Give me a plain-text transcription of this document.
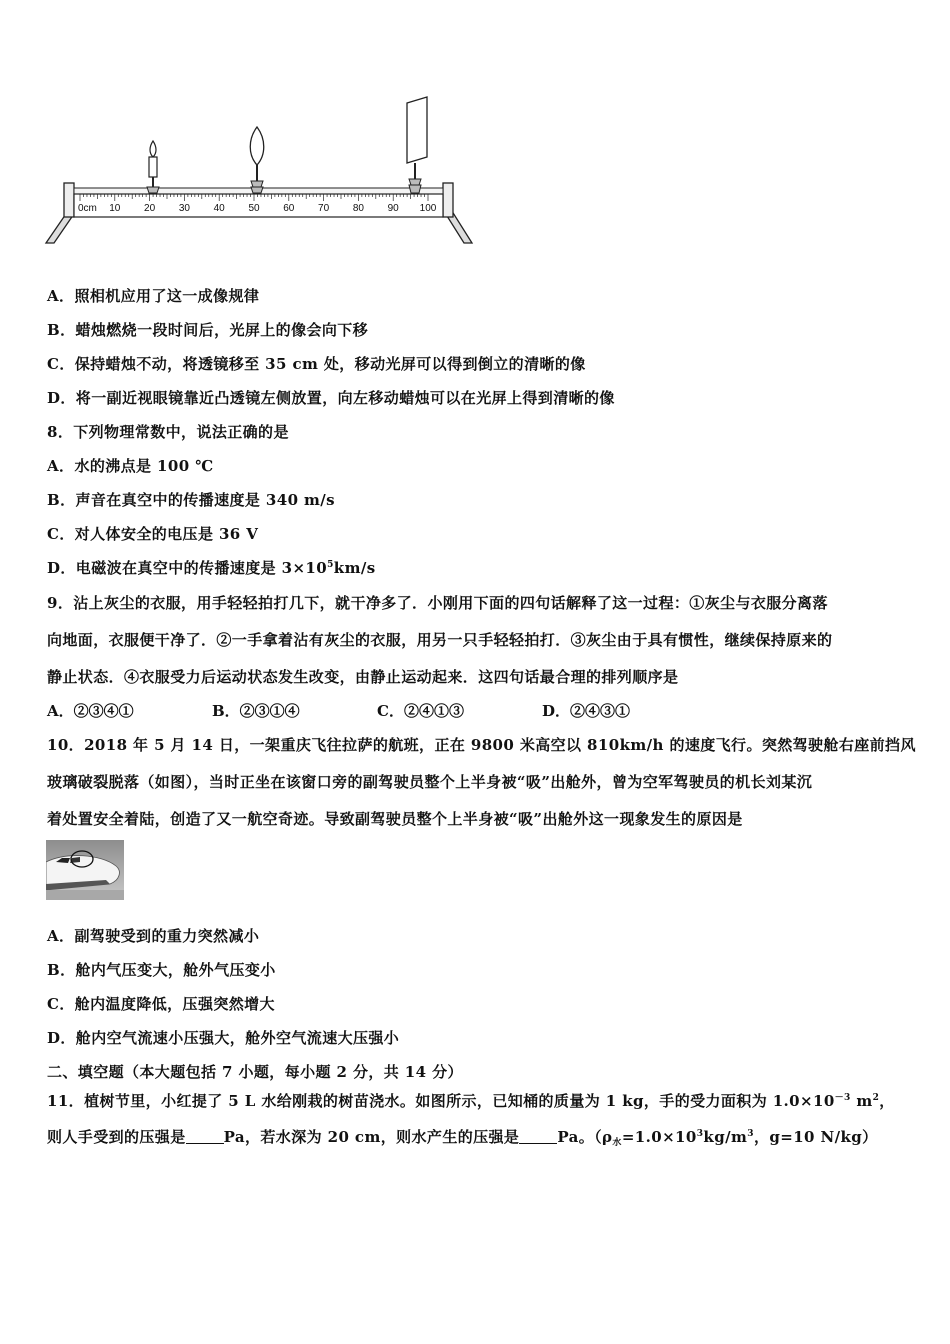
0cm 10 20 30 40 50 60 70 80 90 100
A．照相机应用了这一成像规律
B．蜡烛燃烧一段时间后，光屏上的像会向下移
C．保持蜡烛不动，将透镜移至 35 cm 处，移动光屏可以得到倒立的清晰的像
D．将一副近视眼镜靠近凸透镜左侧放置，向左移动蜡烛可以在光屏上得到清晰的像
8．下列物理常数中，说法正确的是
A．水的沸点是 100 ℃
B．声音在真空中的传播速度是 340 m/s
C．对人体安全的电压是 36 V
D．电磁波在真空中的传播速度是 $3\times 10^5km/s$
9．沾上灰尘的衣服，用手轻轻拍打几下，就干净多了．小刚用下面的四句话解释了这一过程：①灰尘与衣服分离落
向地面，衣服便干净了．②一手拿着沾有灰尘的衣服，用另一只手轻轻拍打．③灰尘由于具有惯性，继续保持原来的
静止状态．④衣服受力后运动状态发生改变，由静止运动起来．这四句话最合理的排列顺序是
A．②③④①	B．②③①④	C．②④①③	D．②④③①
10．2018 年 5 月 14 日，一架重庆飞往拉萨的航班，正在 9800 米高空以 810km/h 的速度飞行。突然驾驶舱右座前挡风
玻璃破裂脱落（如图），当时正坐在该窗口旁的副驾驶员整个上半身被“吸”出舱外，曾为空军驾驶员的机长刘某沉
着处置安全着陆，创造了又一航空奇迹。导致副驾驶员整个上半身被“吸”出舱外这一现象发生的原因是
A．副驾驶受到的重力突然减小
B．舱内气压变大，舱外气压变小
C．舱内温度降低，压强突然增大
D．舱内空气流速小压强大，舱外空气流速大压强小
二、填空题（本大题包括 7 小题，每小题 2 分，共 14 分）
11．植树节里，小红提了 5 L 水给刚栽的树苗浇水。如图所示，已知桶的质量为 1 kg，手的受力面积为 $1.0\times 10^{-3}$ $m^2$，
则人手受到的压强是	Pa，若水深为 20 cm，则水产生的压强是	Pa。（$\rho_水=1.0\times 10^3kg/m^3$，g=10 N/kg）
